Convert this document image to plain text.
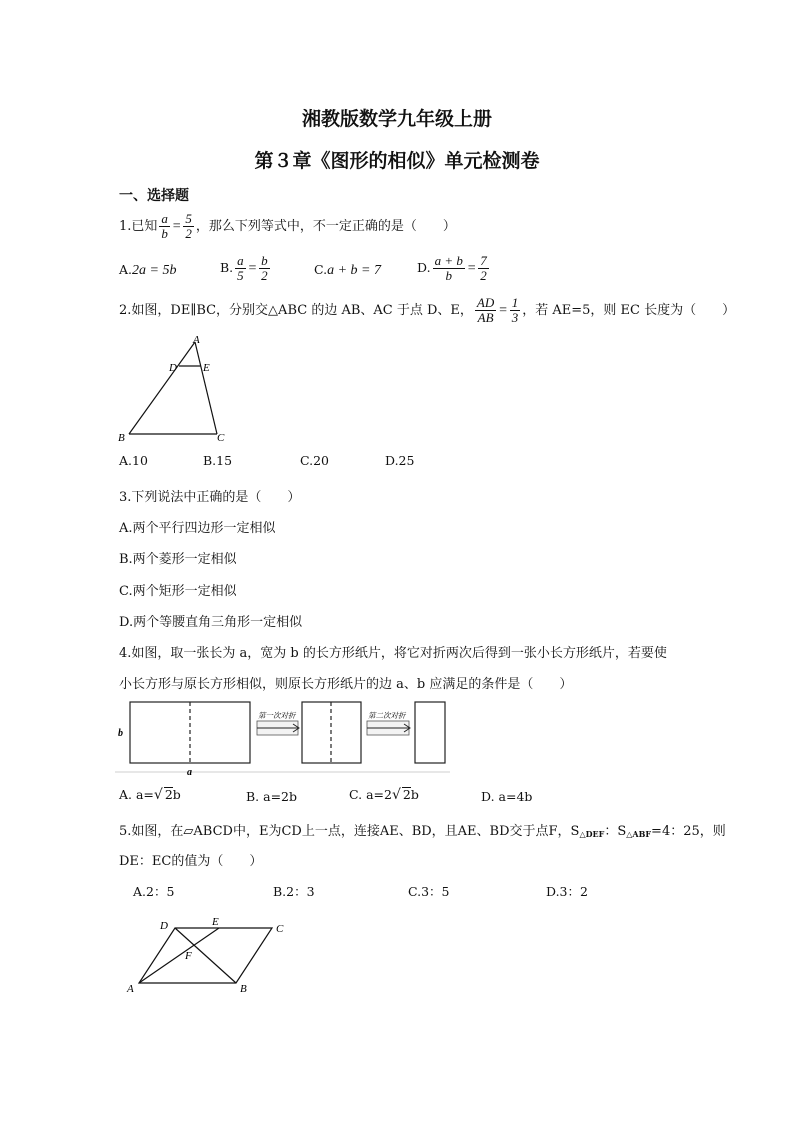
湘教版数学九年级上册
第３章《图形的相似》单元检测卷
一、选择题
1.已知 $\frac{a}{b} = \frac{5}{2}$ ，那么下列等式中，不一定正确的是（　　）
A.2a = 5b	B. $\frac{a}{5} = \frac{b}{2}$	C.a + b = 7	D. $\frac{a + b}{b} = \frac{7}{2}$
2.如图，DE∥BC，分别交△ABC 的边 AB、AC 于点 D、E， $\frac{AD}{AB} = \frac{1}{3}$ ，若 AE=5，则 EC 长度为（　　）
A
D E
B	C
A.10	B.15	C.20	D.25
3.下列说法中正确的是（　　）
A.两个平行四边形一定相似
B.两个菱形一定相似
C.两个矩形一定相似
D.两个等腰直角三角形一定相似
4.如图，取一张长为 a，宽为 b 的长方形纸片，将它对折两次后得到一张小长方形纸片，若要使
小长方形与原长方形相似，则原长方形纸片的边 a、b 应满足的条件是（　　）
b
a
第一次对折	第二次对折
A. a=√ 2b	B. a=2b	C. a=2√ 2b	D. a=4b
5.如图，在▱ABCD中，E为CD上一点，连接AE、BD，且AE、BD交于点F，$S_{\triangle DEF}$：$S_{\triangle ABF}=4$：25，则
DE：EC的值为（　　）
A.2：5	B.2：3	C.3：5	D.3：2
D	E
C
F
A	B
